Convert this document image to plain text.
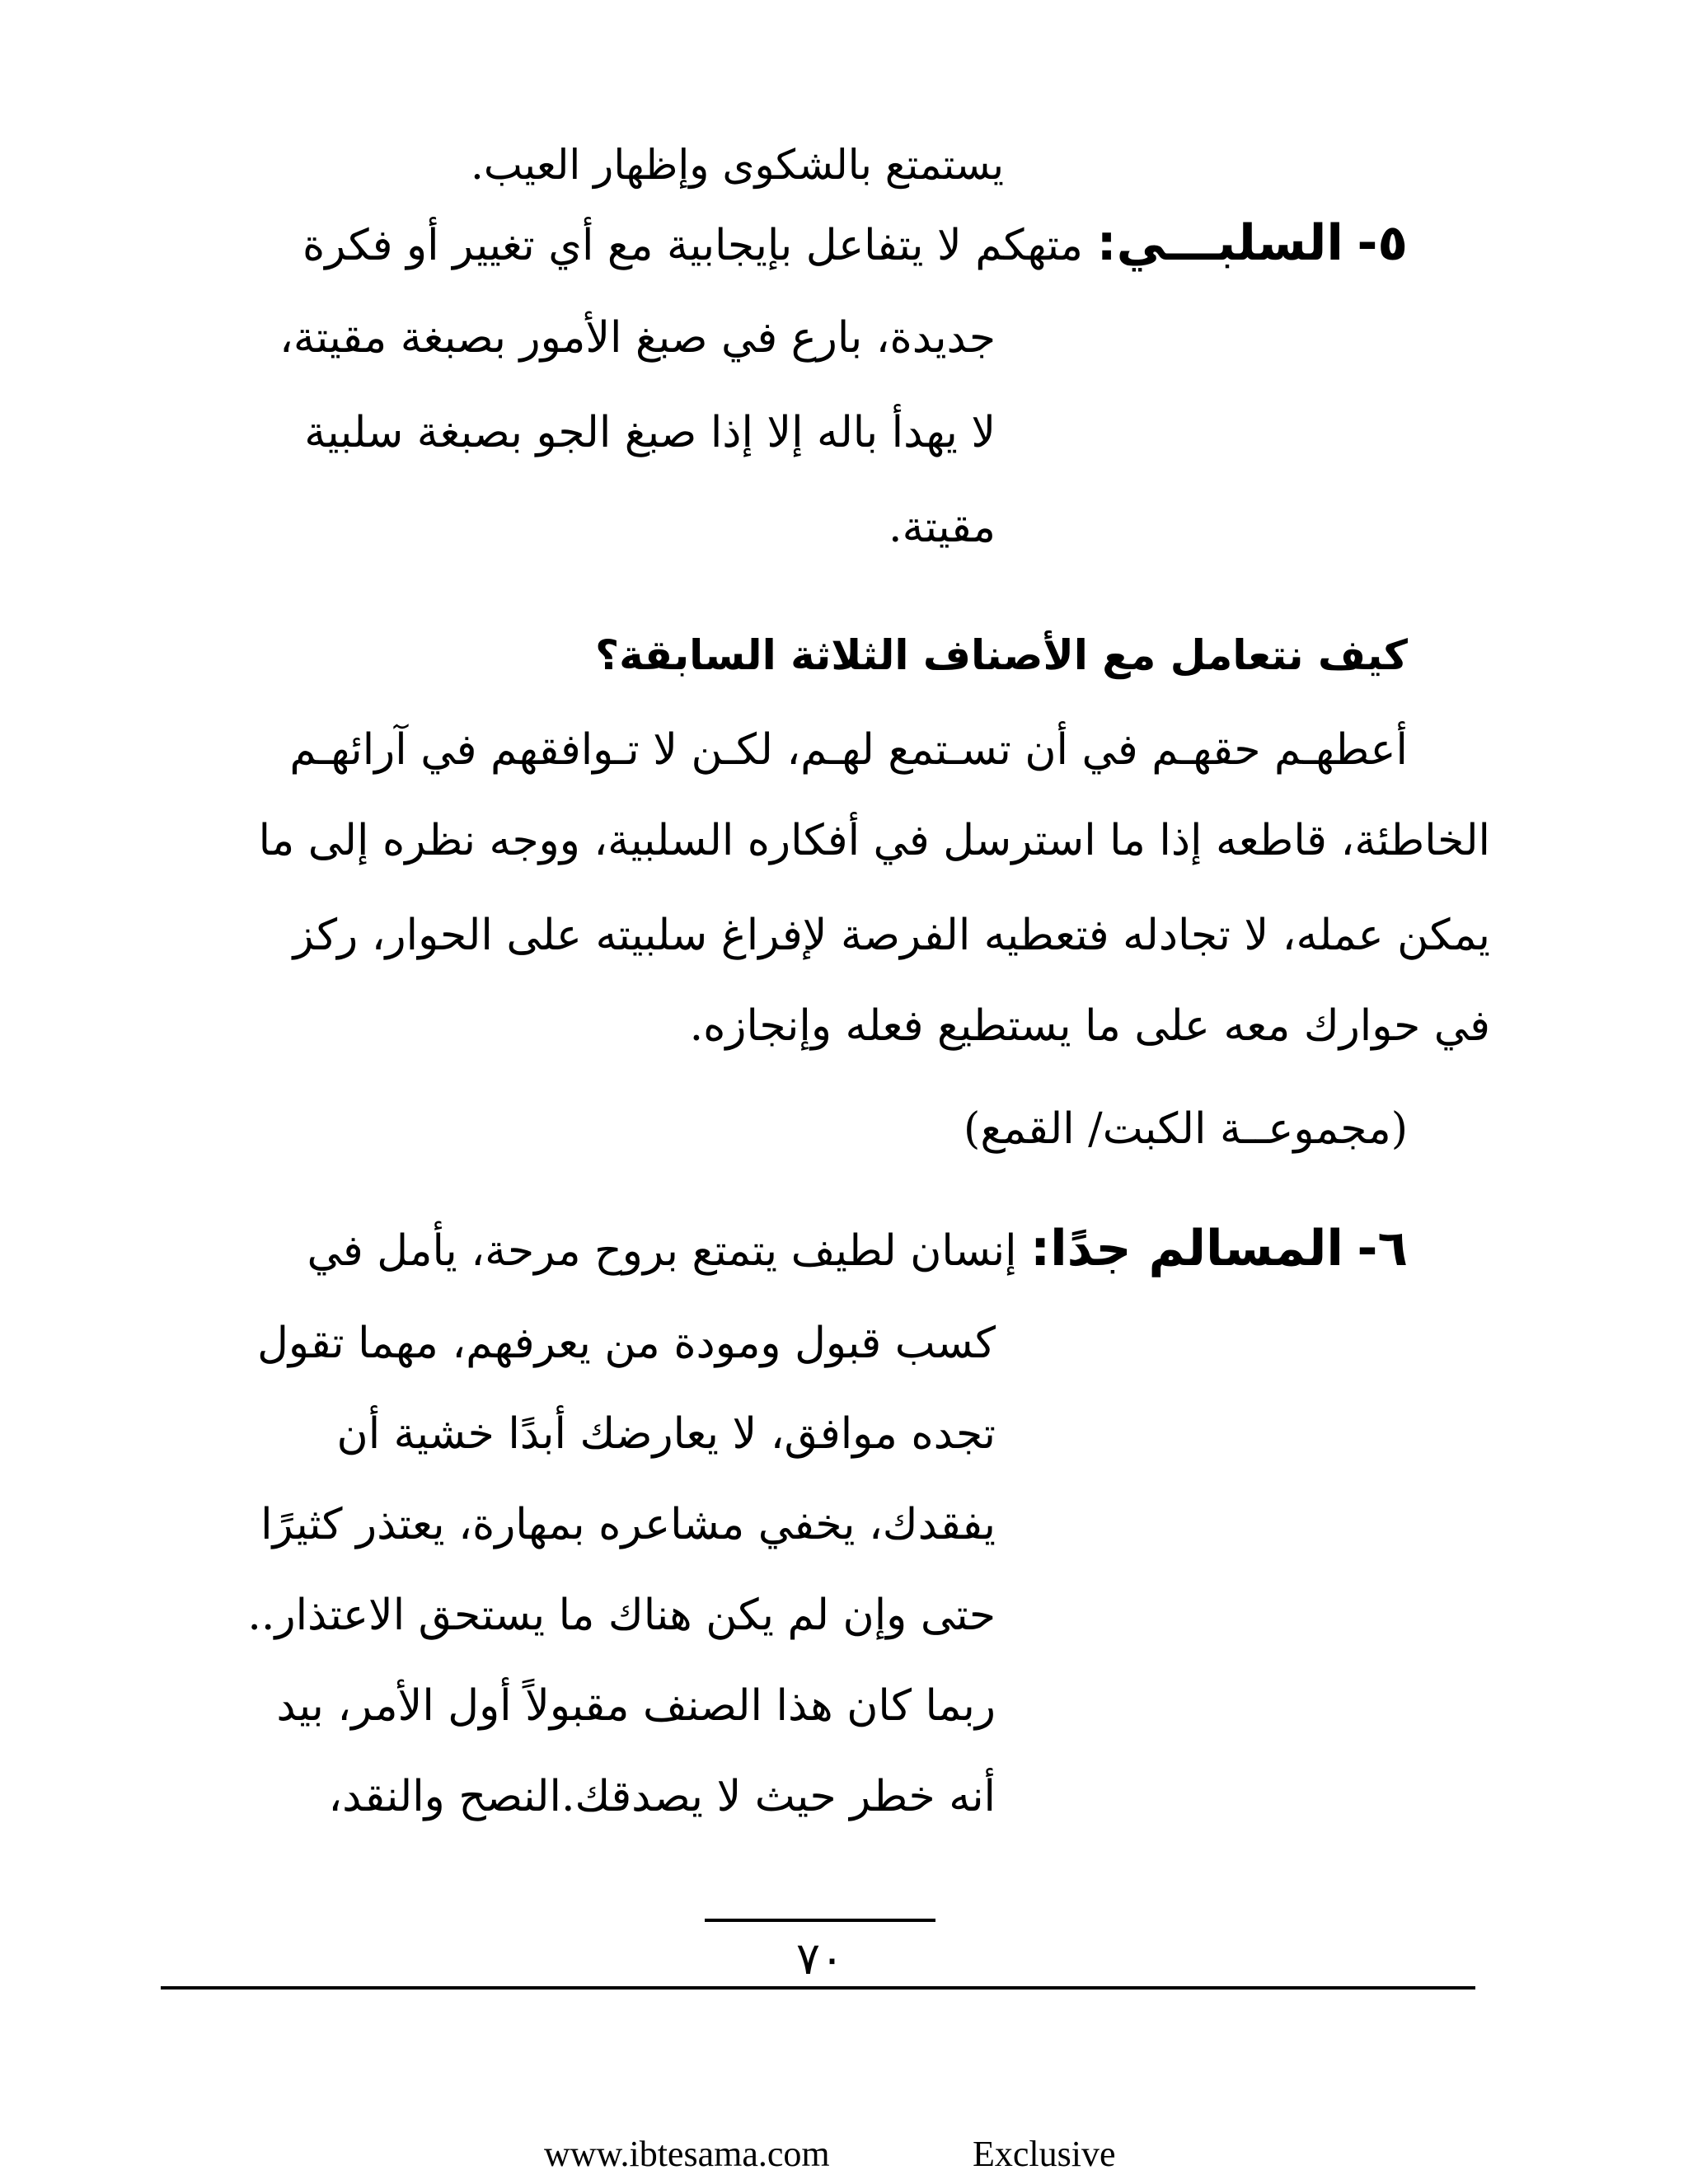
يستمتع بالشكوى وإظهار العيب.
٥- السلبـــي: متهكم لا يتفاعل بإيجابية مع أي تغيير أو فكرة
جديدة، بارع في صبغ الأمور بصبغة مقيتة،
لا يهدأ باله إلا إذا صبغ الجو بصبغة سلبية
مقيتة.
كيف نتعامل مع الأصناف الثلاثة السابقة؟
أعطهـم حقهـم في أن تسـتمع لهـم، لكـن لا تـوافقهم في آرائهـم
الخاطئة، قاطعه إذا ما استرسل في أفكاره السلبية، ووجه نظره إلى ما
يمكن عمله، لا تجادله فتعطيه الفرصة لإفراغ سلبيته على الحوار، ركز
في حوارك معه على ما يستطيع فعله وإنجازه.
(مجموعــة الكبت/ القمع)
٦- المسالم جدًا: إنسان لطيف يتمتع بروح مرحة، يأمل في
كسب قبول ومودة من يعرفهم، مهما تقول
تجده موافق، لا يعارضك أبدًا خشية أن
يفقدك، يخفي مشاعره بمهارة، يعتذر كثيرًا
حتى وإن لم يكن هناك ما يستحق الاعتذار..
ربما كان هذا الصنف مقبولاً أول الأمر، بيد
أنه خطر حيث لا يصدقك.النصح والنقد،
٧٠
www.ibtesama.com	Exclusive
